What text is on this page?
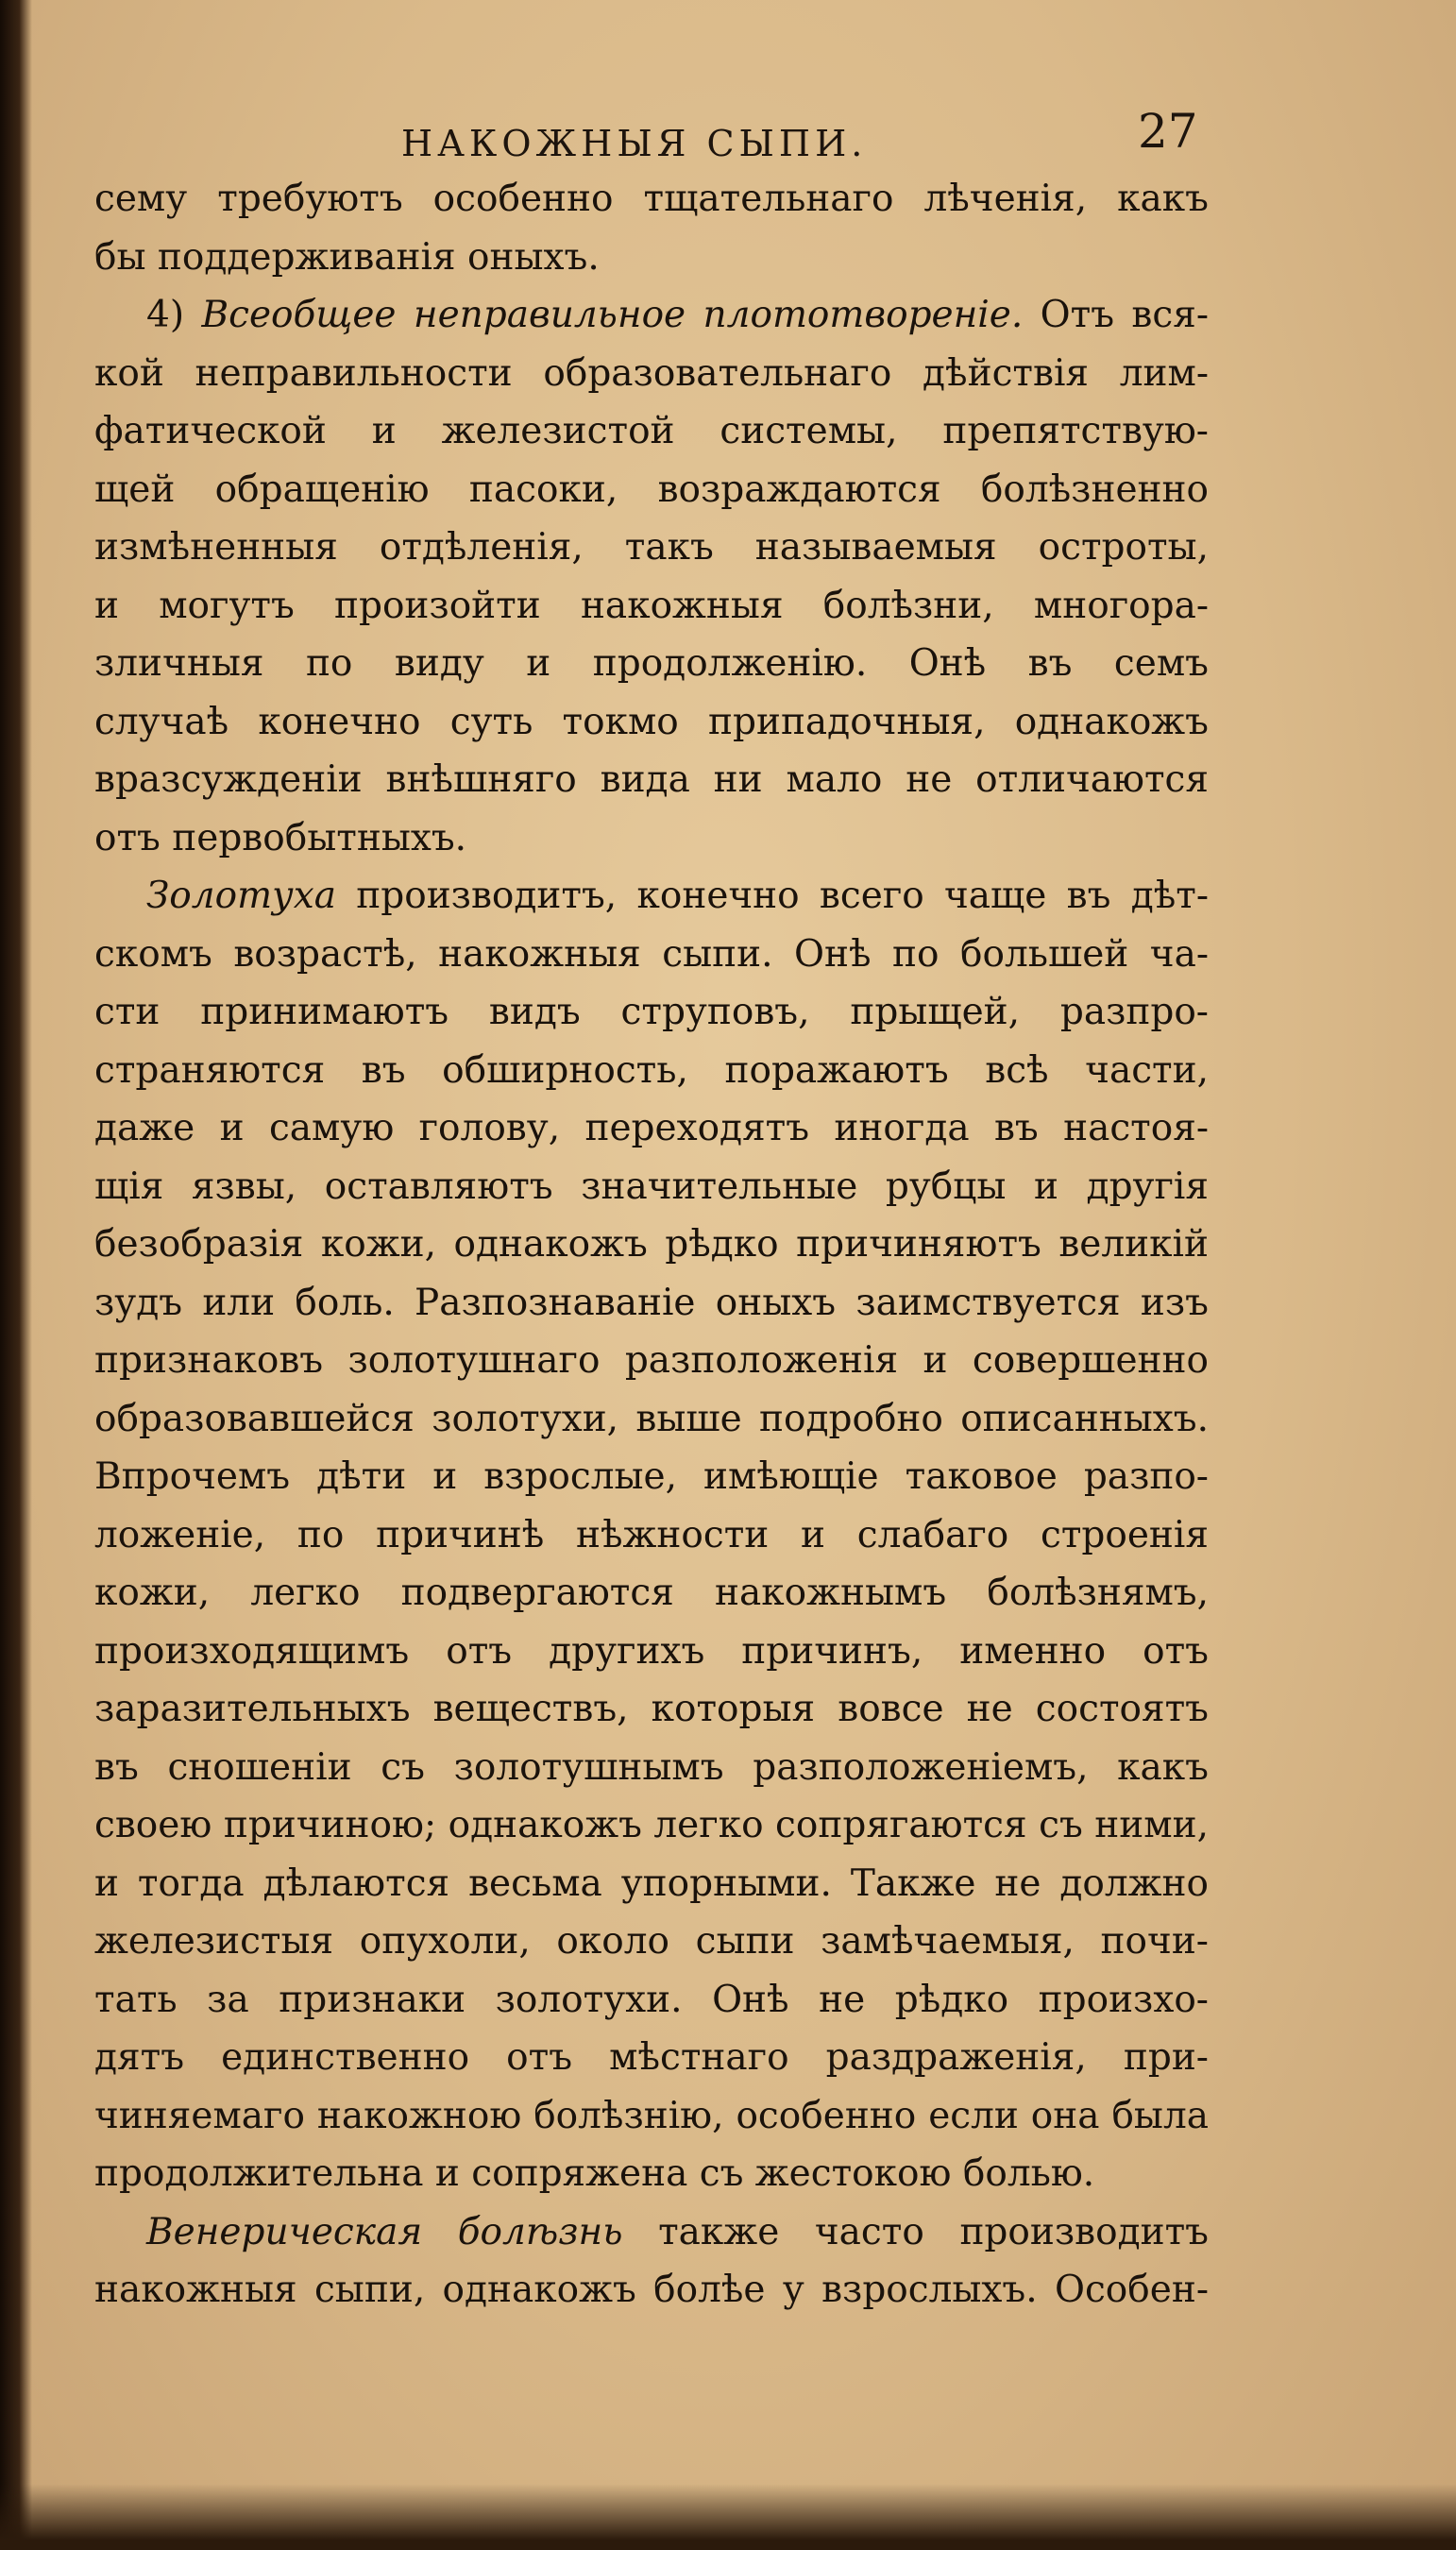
НАКОЖНЫЯ СЫПИ.	27
сему требуютъ особенно тщательнаго лѣченія, какъ
бы поддерживанія оныхъ.
4) Всеобщее неправильное плототвореніе. Отъ вся-
кой неправильности образовательнаго дѣйствія лим-
фатической и железистой системы, препятствую-
щей обращенію пасоки, возраждаются болѣзненно
измѣненныя отдѣленія, такъ называемыя остроты,
и могутъ произойти накожныя болѣзни, многора-
зличныя по виду и продолженію. Онѣ въ семъ
случаѣ конечно суть токмо припадочныя, однакожъ
вразсужденіи внѣшняго вида ни мало не отличаются
отъ первобытныхъ.
Золотуха производитъ, конечно всего чаще въ дѣт-
скомъ возрастѣ, накожныя сыпи. Онѣ по большей ча-
сти принимаютъ видъ струповъ, прыщей, разпро-
страняются въ обширность, поражаютъ всѣ части,
даже и самую голову, переходятъ иногда въ настоя-
щія язвы, оставляютъ значительные рубцы и другія
безобразія кожи, однакожъ рѣдко причиняютъ великій
зудъ или боль. Разпознаваніе оныхъ заимствуется изъ
признаковъ золотушнаго разположенія и совершенно
образовавшейся золотухи, выше подробно описанныхъ.
Впрочемъ дѣти и взрослые, имѣющіе таковое разпо-
ложеніе, по причинѣ нѣжности и слабаго строенія
кожи, легко подвергаются накожнымъ болѣзнямъ,
произходящимъ отъ другихъ причинъ, именно отъ
заразительныхъ веществъ, которыя вовсе не состоятъ
въ сношеніи съ золотушнымъ разположеніемъ, какъ
своею причиною; однакожъ легко сопрягаются съ ними,
и тогда дѣлаются весьма упорными. Также не должно
железистыя опухоли, около сыпи замѣчаемыя, почи-
тать за признаки золотухи. Онѣ не рѣдко произхо-
дятъ единственно отъ мѣстнаго раздраженія, при-
чиняемаго накожною болѣзнію, особенно если она была
продолжительна и сопряжена съ жестокою болью.
Венерическая болѣзнь также часто производитъ
накожныя сыпи, однакожъ болѣе у взрослыхъ. Особен-
